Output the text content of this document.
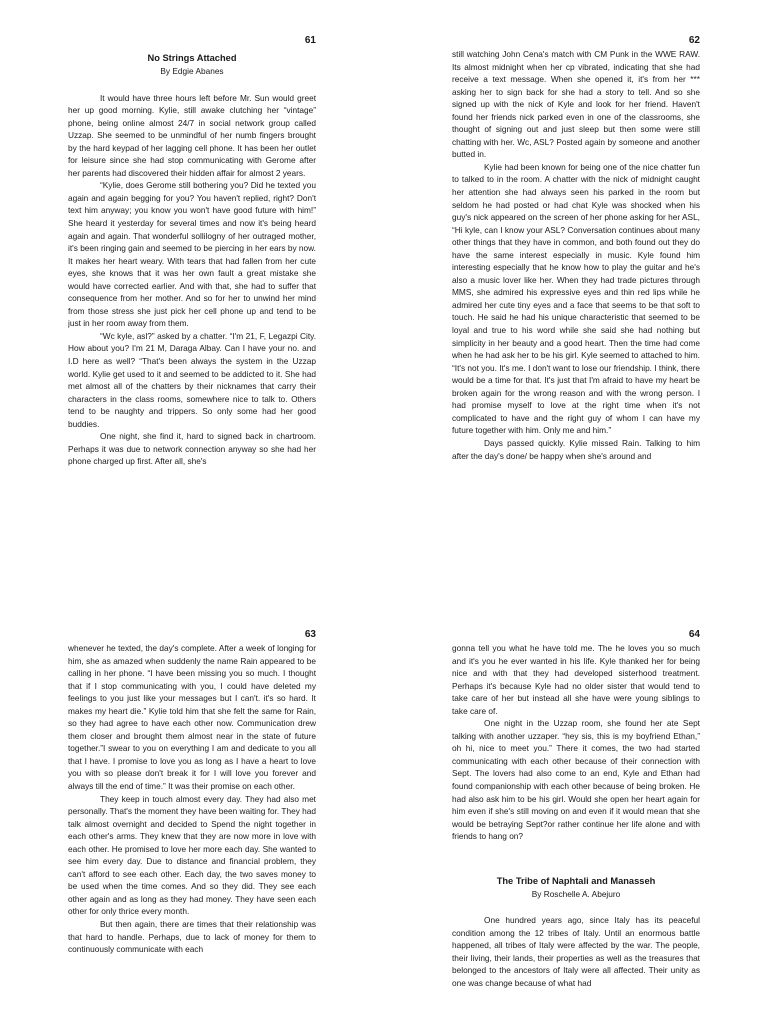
61
No Strings Attached
By Edgie Abanes

It would have three hours left before Mr. Sun would greet her up good morning. Kylie, still awake clutching her “vintage” phone, being online almost 24/7 in social network group called Uzzap. She seemed to be unmindful of her numb fingers brought by the hard keypad of her lagging cell phone. It has been her outlet for leisure since she had stop communicating with Gerome after her parents had discovered their hidden affair for almost 2 years.

“Kylie, does Gerome still bothering you? Did he texted you again and again begging for you? You haven't replied, right? Don't text him anyway; you know you won't have good future with him!” She heard it yesterday for several times and now it's being heard again and again. That wonderful sollilogny of her outraged mother, it's been ringing gain and seemed to be piercing in her ears by now. It makes her heart weary. With tears that had fallen from her cute eyes, she knows that it was her own fault a great mistake she would have corrected earlier. And with that, she had to suffer that consequence from her mother. And so for her to unwind her mind from those stress she just pick her cell phone up and tend to be just in her room away from them.

“Wc kyle, asl?” asked by a chatter. “I'm 21, F, Legazpi City. How about you? I'm 21 M, Daraga Albay. Can I have your no. and I.D here as well? “That's been always the system in the Uzzap world. Kylie get used to it and seemed to be addicted to it. She had met almost all of the chatters by their nicknames that carry their characters in the class rooms, somewhere nice to talk to. Others tend to be naughty and trippers. So only some had her good buddies.

One night, she find it, hard to signed back in chartroom. Perhaps it was due to network connection anyway so she had her phone charged up first. After all, she's

62

still watching John Cena's match with CM Punk in the WWE RAW. Its almost midnight when her cp vibrated, indicating that she had receive a text message. When she opened it, it's from her *** asking her to sign back for she had a story to tell. And so she signed up with the nick of Kyle and look for her friend. Haven't found her friends nick parked even in one of the classrooms, she thought of signing out and just sleep but then some were still chatting with her. Wc, ASL? Posted again by someone and another butted in.

Kylie had been known for being one of the nice chatter fun to talked to in the room. A chatter with the nick of midnight caught her attention she had always seen his parked in the room but seldom he had posted or had chat Kyle was shocked when his guy's nick appeared on the screen of her phone asking for her ASL, “Hi kyle, can I know your ASL? Conversation continues about many other things that they have in common, and both found out they do have the same interest especially in music. Kyle found him interesting especially that he know how to play the guitar and he's also a music lover like her. When they had trade pictures through MMS, she admired his expressive eyes and thin red lips while he admired her cute tiny eyes and a face that seems to be that soft to touch. He said he had his unique characteristic that seemed to be loyal and true to his word while she said she had nothing but simplicity in her beauty and a good heart. Then the time had come when he had ask her to be his girl. Kyle seemed to attached to him. “It's not you. It's me. I don't want to lose our friendship. I think, there would be a time for that. It's just that I'm afraid to have my heart be broken again for the wrong reason and with the wrong person. I had promise myself to love at the right time when it's not complicated to have and the right guy of whom I can have my future together with him. Only me and him.”

Days passed quickly. Kylie missed Rain. Talking to him after the day's done/ be happy when she's around and

63

whenever he texted, the day's complete. After a week of longing for him, she as amazed when suddenly the name Rain appeared to be calling in her phone. “I have been missing you so much. I thought that if I stop communicating with you, I could have deleted my feelings to you just like your messages but I can't. it's so hard. It makes my heart die.” Kylie told him that she felt the same for Rain, so they had agree to have each other now. Communication drew them closer and brought them almost near in the state of future together.”I swear to you on everything I am and dedicate to you all that I have. I promise to love you as long as I have a heart to love you with so please don't break it for I will love you forever and always till the end of time.” It was their promise on each other.

They keep in touch almost every day. They had also met personally. That's the moment they have been waiting for. They had talk almost overnight and decided to Spend the night together in each other's arms. They knew that they are now more in love with each other. He promised to love her more each day. She wanted to see him every day. Due to distance and financial problem, they can't afford to see each other. Each day, the two saves money to be used when the time comes. And so they did. They see each other again and as long as they had money. They have seen each other for only thrice every month.

But then again, there are times that their relationship was that hard to handle. Perhaps, due to lack of money for them to continuously communicate with each

64

gonna tell you what he have told me. The he loves you so much and it's you he ever wanted in his life. Kyle thanked her for being nice and with that they had developed sisterhood treatment. Perhaps it's because Kyle had no older sister that would tend to take care of her but instead all she have were young siblings to take care of.

One night in the Uzzap room, she found her ate Sept talking with another uzzaper. “hey sis, this is my boyfriend Ethan,” oh hi, nice to meet you.” There it comes, the two had started communicating with each other because of their connection with Sept. The lovers had also come to an end, Kyle and Ethan had found companionship with each other because of being broken. He had also ask him to be his girl. Would she open her heart again for him even if she's still moving on and even if it would mean that she would be betraying Sept?or rather continue her life alone and with friends to hang on?

The Tribe of Naphtali and Manasseh
By Roschelle A. Abejuro

One hundred years ago, since Italy has its peaceful condition among the 12 tribes of Italy. Until an enormous battle happened, all tribes of Italy were affected by the war. The people, their living, their lands, their properties as well as the treasures that belonged to the ancestors of Italy were all affected. Their unity as one was change because of what had
